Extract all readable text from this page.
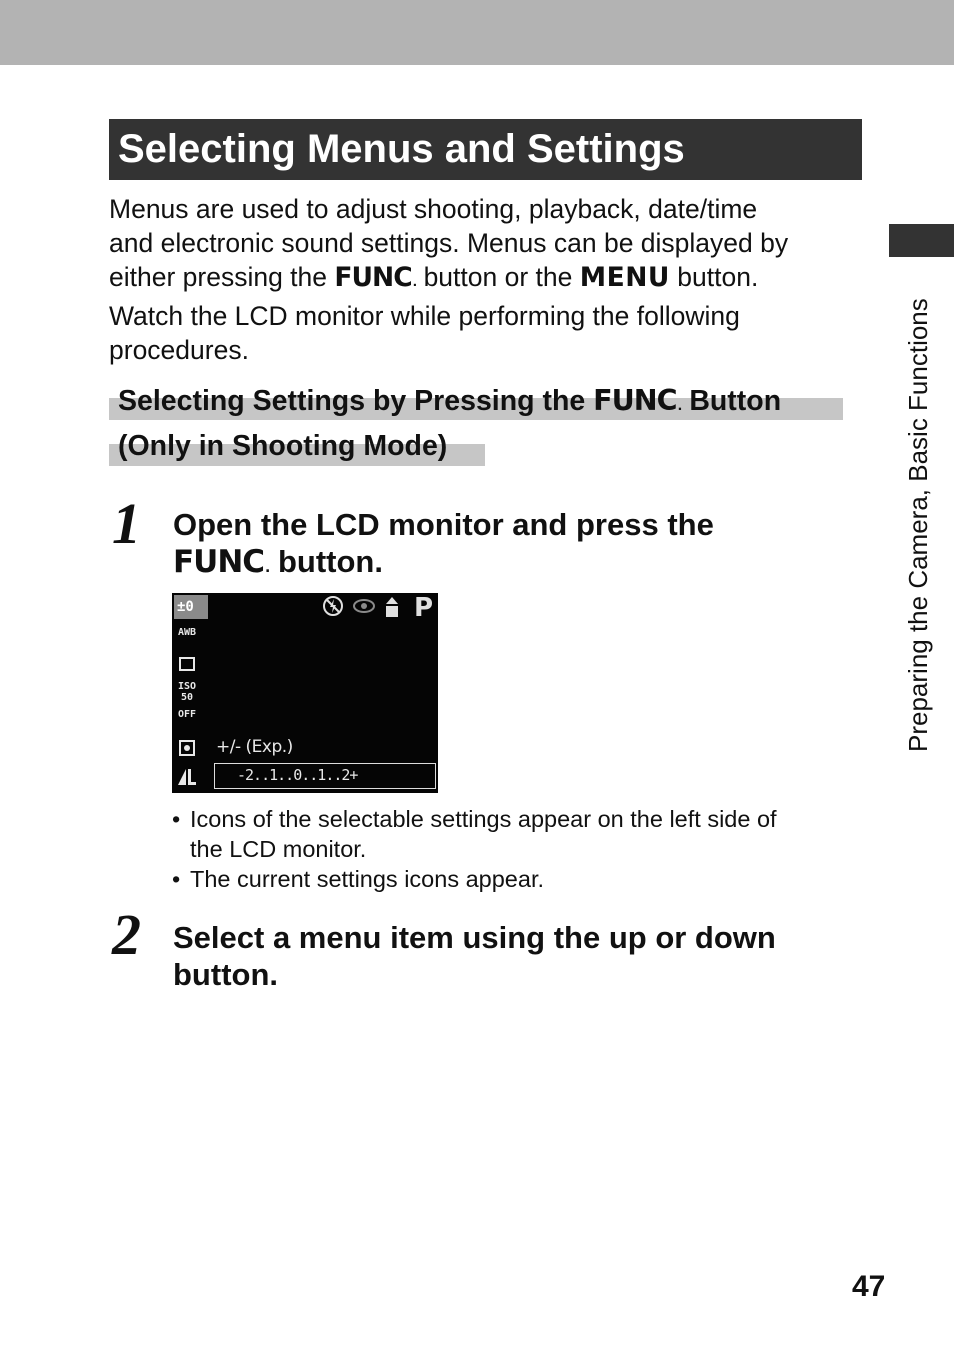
Selecting Menus and Settings

Menus are used to adjust shooting, playback, date/time

and electronic sound settings. Menus can be displayed by

either pressing the FUNC. button or the MENU button.

Watch the LCD monitor while performing the following

procedures.

Selecting Settings by Pressing the FUNC. Button
(Only in Shooting Mode)
1 Open the LCD monitor and press the
FUNC. button.
±0
AWB
ISO 50
OFF
P
+/- (Exp.)
-2..1..0..1..2+
• Icons of the selectable settings appear on the left side of
the LCD monitor.
• The current settings icons appear.
2 Select a menu item using the up or down
button.
Preparing the Camera, Basic Functions
47
